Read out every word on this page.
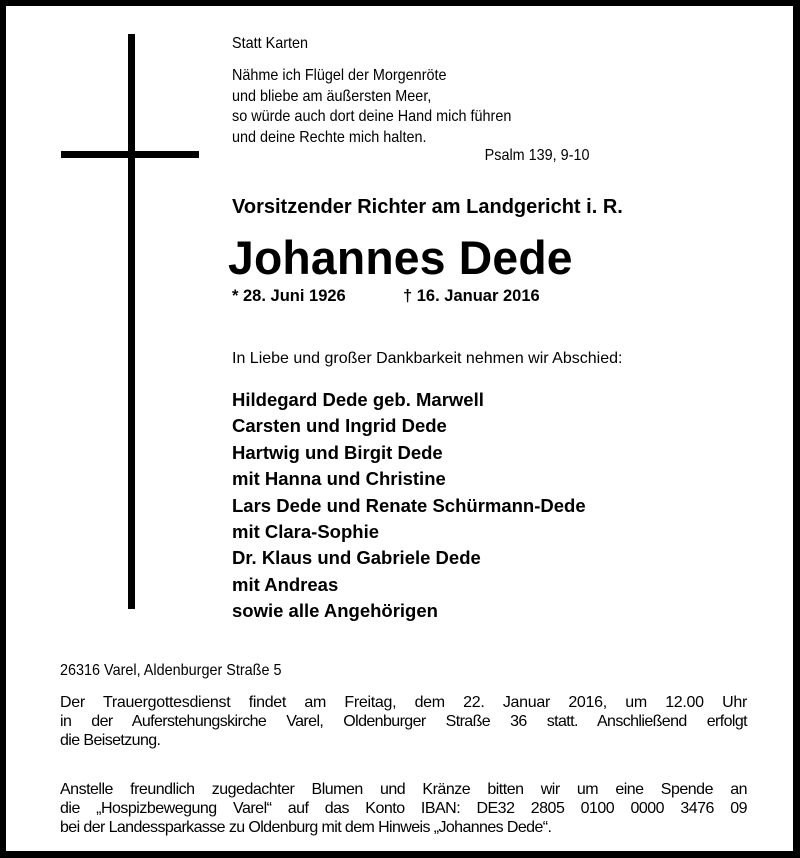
Statt Karten
Nähme ich Flügel der Morgenröte
und bliebe am äußersten Meer,
so würde auch dort deine Hand mich führen
und deine Rechte mich halten.
Psalm 139, 9-10
Vorsitzender Richter am Landgericht i. R.
Johannes Dede
* 28. Juni 1926	† 16. Januar 2016
In Liebe und großer Dankbarkeit nehmen wir Abschied:
Hildegard Dede geb. Marwell
Carsten und Ingrid Dede
Hartwig und Birgit Dede
mit Hanna und Christine
Lars Dede und Renate Schürmann-Dede
mit Clara-Sophie
Dr. Klaus und Gabriele Dede
mit Andreas
sowie alle Angehörigen
26316 Varel, Aldenburger Straße 5
Der Trauergottesdienst findet am Freitag, dem 22. Januar 2016, um 12.00 Uhr
in der Auferstehungskirche Varel, Oldenburger Straße 36 statt. Anschließend erfolgt
die Beisetzung.
Anstelle freundlich zugedachter Blumen und Kränze bitten wir um eine Spende an
die „Hospizbewegung Varel“ auf das Konto IBAN: DE32 2805 0100 0000 3476 09
bei der Landessparkasse zu Oldenburg mit dem Hinweis „Johannes Dede“.
